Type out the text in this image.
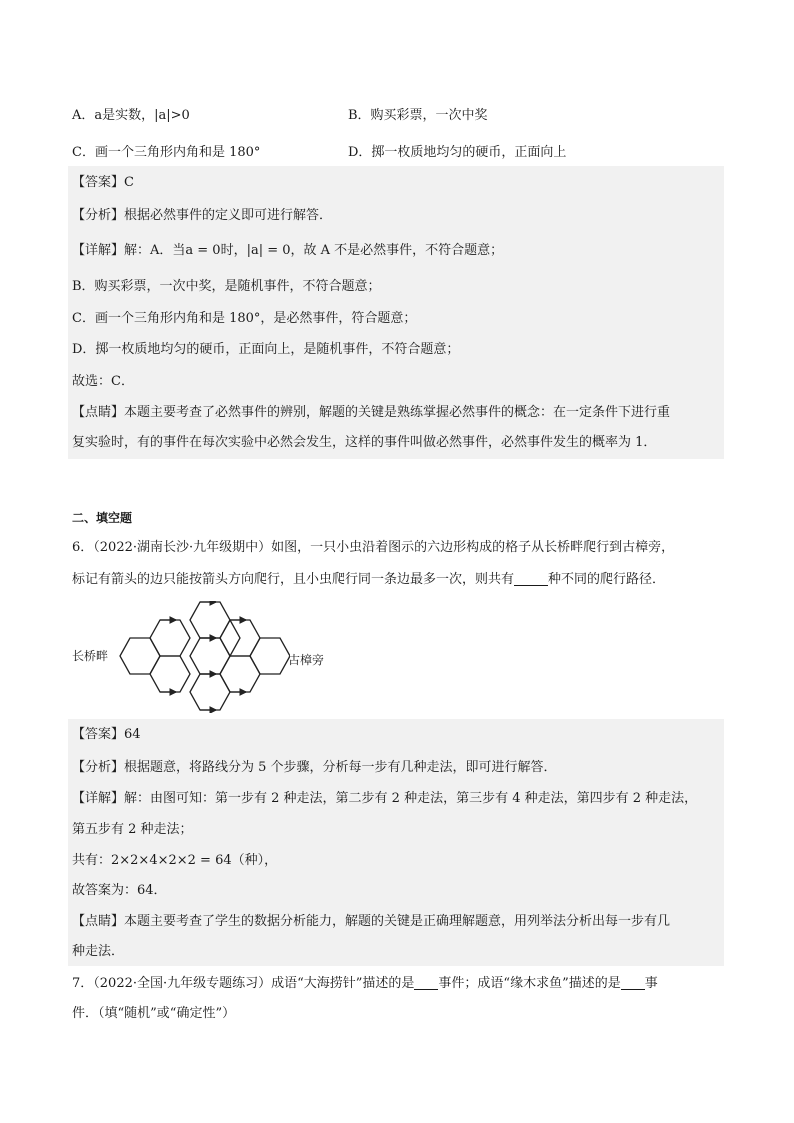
A．a是实数，|a|>0	B．购买彩票，一次中奖
C．画一个三角形内角和是 180°	D．掷一枚质地均匀的硬币，正面向上
【答案】C
【分析】根据必然事件的定义即可进行解答．
【详解】解：A．当a = 0时，|a| = 0，故 A 不是必然事件，不符合题意；
B．购买彩票，一次中奖，是随机事件，不符合题意；
C．画一个三角形内角和是 180°，是必然事件，符合题意；
D．掷一枚质地均匀的硬币，正面向上，是随机事件，不符合题意；
故选：C．
【点睛】本题主要考查了必然事件的辨别，解题的关键是熟练掌握必然事件的概念：在一定条件下进行重
复实验时，有的事件在每次实验中必然会发生，这样的事件叫做必然事件，必然事件发生的概率为 1．
二、填空题
6．（2022·湖南长沙·九年级期中）如图，一只小虫沿着图示的六边形构成的格子从长桥畔爬行到古樟旁，
标记有箭头的边只能按箭头方向爬行，且小虫爬行同一条边最多一次，则共有	种不同的爬行路径．
长桥畔	古樟旁
【答案】64
【分析】根据题意，将路线分为 5 个步骤，分析每一步有几种走法，即可进行解答．
【详解】解：由图可知：第一步有 2 种走法，第二步有 2 种走法，第三步有 4 种走法，第四步有 2 种走法，
第五步有 2 种走法；
共有：2×2×4×2×2 = 64（种），
故答案为：64．
【点睛】本题主要考查了学生的数据分析能力，解题的关键是正确理解题意，用列举法分析出每一步有几
种走法．
7．（2022·全国·九年级专题练习）成语“大海捞针”描述的是 事件；成语“缘木求鱼”描述的是 事
件．（填“随机”或“确定性”）
